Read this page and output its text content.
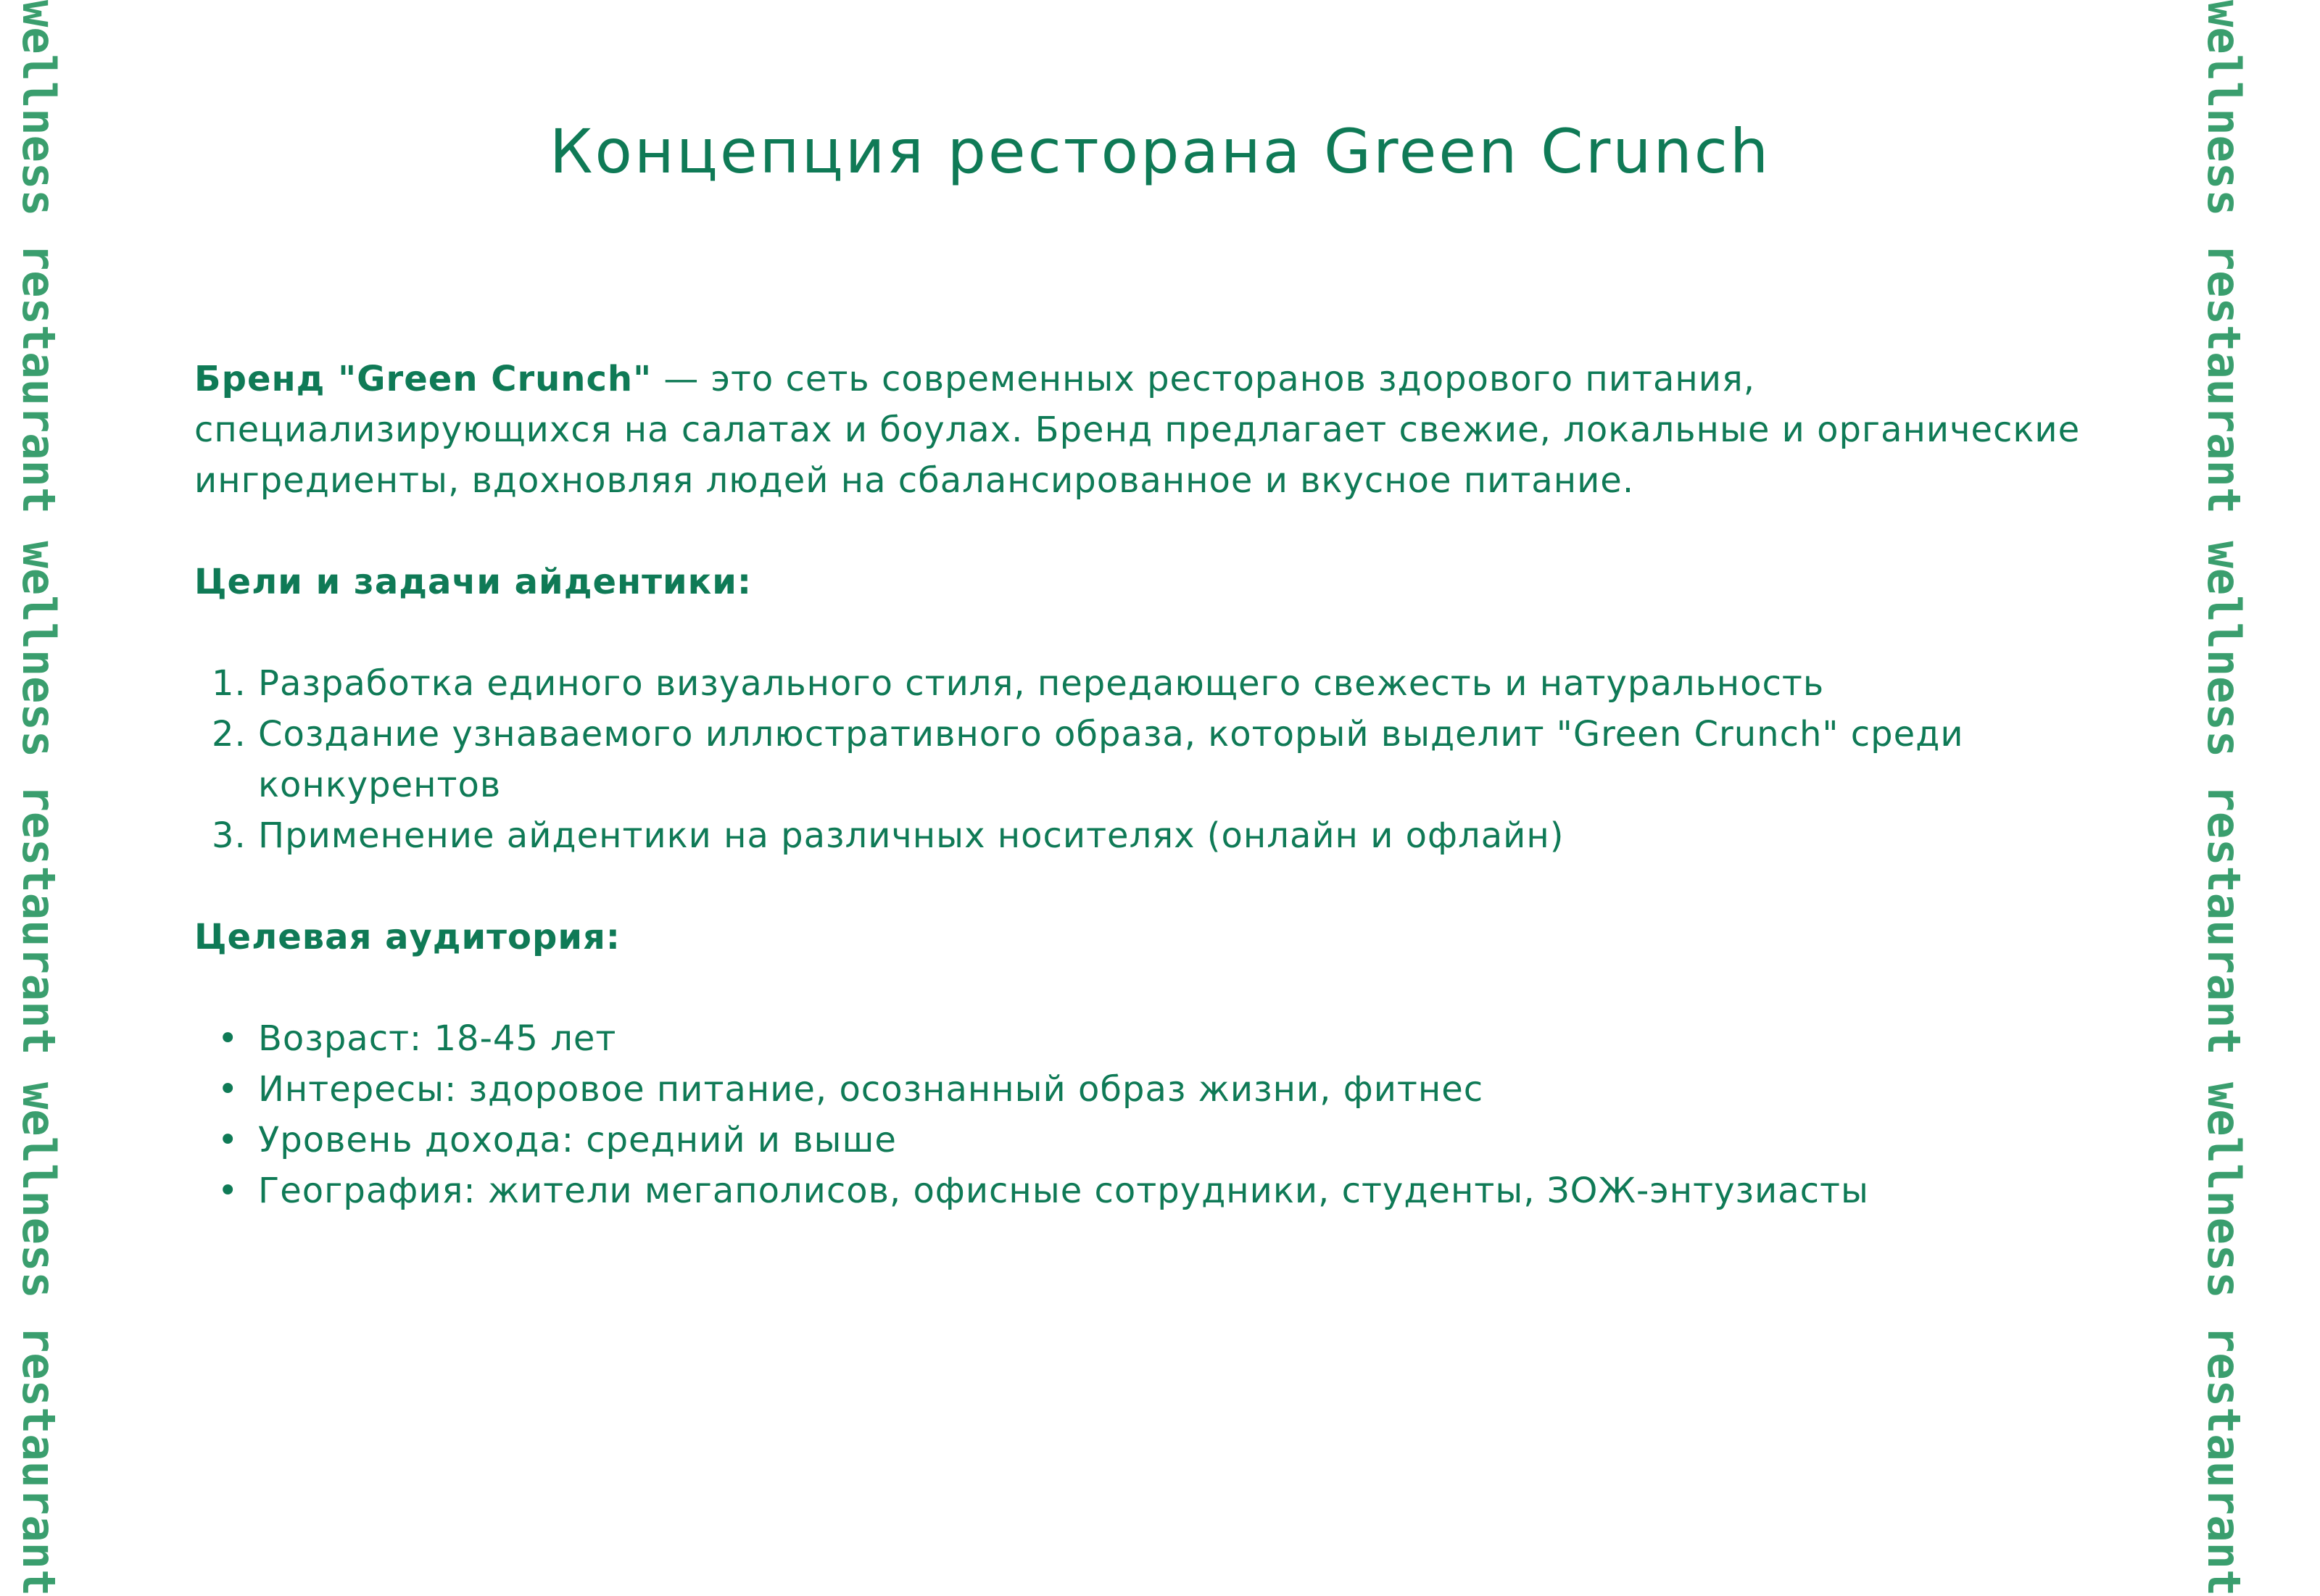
wellness restaurant wellness restaurant wellness restaurant	wellness restaurant wellness restaurant wellness restaurant
Концепция ресторана Green Crunch

Бренд "Green Crunch" — это сеть современных ресторанов здорового питания, специализирующихся на салатах и боулах. Бренд предлагает свежие, локальные и органические ингредиенты, вдохновляя людей на сбалансированное и вкусное питание.

Цели и задачи айдентики:

1. Разработка единого визуального стиля, передающего свежесть и натуральность
2. Создание узнаваемого иллюстративного образа, который выделит "Green Crunch" среди конкурентов
3. Применение айдентики на различных носителях (онлайн и офлайн)

Целевая аудитория:

• Возраст: 18-45 лет
• Интересы: здоровое питание, осознанный образ жизни, фитнес
• Уровень дохода: средний и выше
• География: жители мегаполисов, офисные сотрудники, студенты, ЗОЖ-энтузиасты
